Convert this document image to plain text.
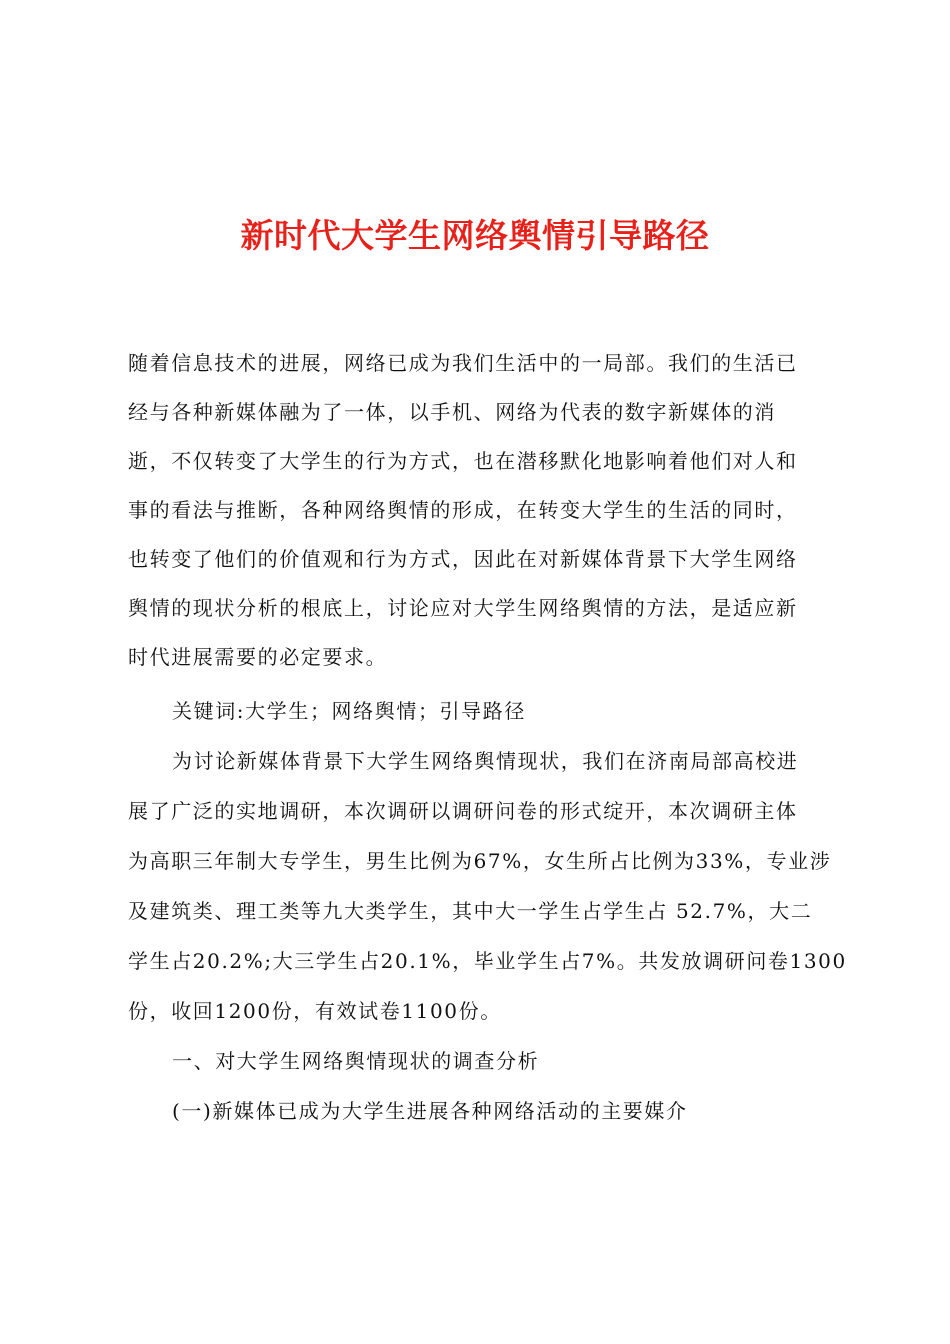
新时代大学生网络舆情引导路径
随着信息技术的进展，网络已成为我们生活中的一局部。我们的生活已
经与各种新媒体融为了一体，以手机、网络为代表的数字新媒体的消
逝，不仅转变了大学生的行为方式，也在潜移默化地影响着他们对人和
事的看法与推断，各种网络舆情的形成，在转变大学生的生活的同时，
也转变了他们的价值观和行为方式，因此在对新媒体背景下大学生网络
舆情的现状分析的根底上，讨论应对大学生网络舆情的方法，是适应新
时代进展需要的必定要求。
关键词:大学生；网络舆情；引导路径
为讨论新媒体背景下大学生网络舆情现状，我们在济南局部高校进
展了广泛的实地调研，本次调研以调研问卷的形式绽开，本次调研主体
为高职三年制大专学生，男生比例为67%，女生所占比例为33%，专业涉
及建筑类、理工类等九大类学生，其中大一学生占学生占 52.7%，大二
学生占20.2%;大三学生占20.1%，毕业学生占7%。共发放调研问卷1300
份，收回1200份，有效试卷1100份。
一、对大学生网络舆情现状的调查分析
(一)新媒体已成为大学生进展各种网络活动的主要媒介
